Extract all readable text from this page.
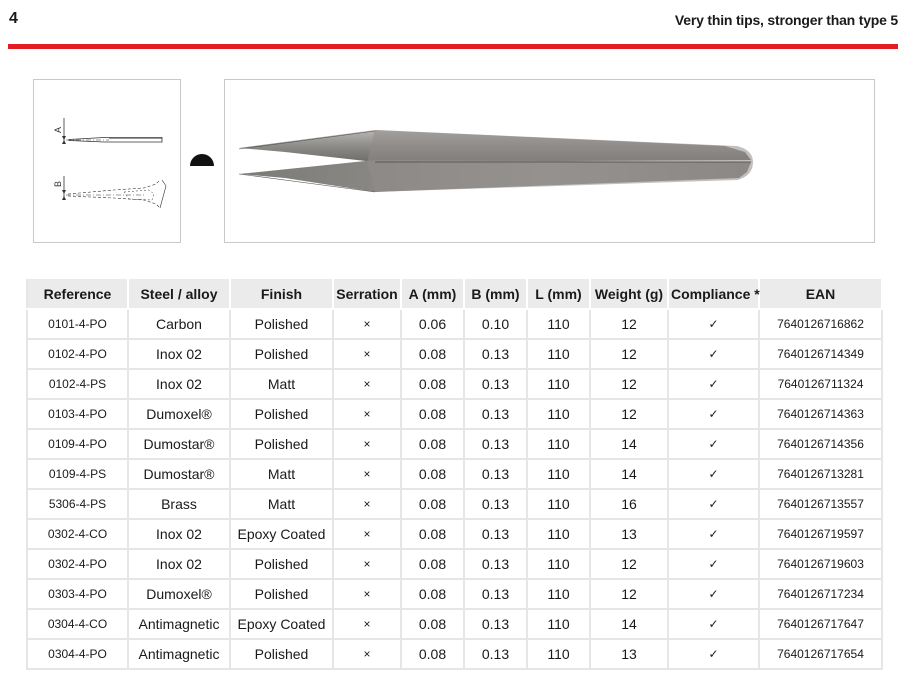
4	Very thin tips, stronger than type 5
A
B
Reference	Steel / alloy	Finish	Serration	A (mm)	B (mm)	L (mm)	Weight (g)	Compliance *	EAN
0101-4-PO	Carbon	Polished	×	0.06	0.10	110	12	✓	7640126716862
0102-4-PO	Inox 02	Polished	×	0.08	0.13	110	12	✓	7640126714349
0102-4-PS	Inox 02	Matt	×	0.08	0.13	110	12	✓	7640126711324
0103-4-PO	Dumoxel®	Polished	×	0.08	0.13	110	12	✓	7640126714363
0109-4-PO	Dumostar®	Polished	×	0.08	0.13	110	14	✓	7640126714356
0109-4-PS	Dumostar®	Matt	×	0.08	0.13	110	14	✓	7640126713281
5306-4-PS	Brass	Matt	×	0.08	0.13	110	16	✓	7640126713557
0302-4-CO	Inox 02	Epoxy Coated	×	0.08	0.13	110	13	✓	7640126719597
0302-4-PO	Inox 02	Polished	×	0.08	0.13	110	12	✓	7640126719603
0303-4-PO	Dumoxel®	Polished	×	0.08	0.13	110	12	✓	7640126717234
0304-4-CO	Antimagnetic	Epoxy Coated	×	0.08	0.13	110	14	✓	7640126717647
0304-4-PO	Antimagnetic	Polished	×	0.08	0.13	110	13	✓	7640126717654
